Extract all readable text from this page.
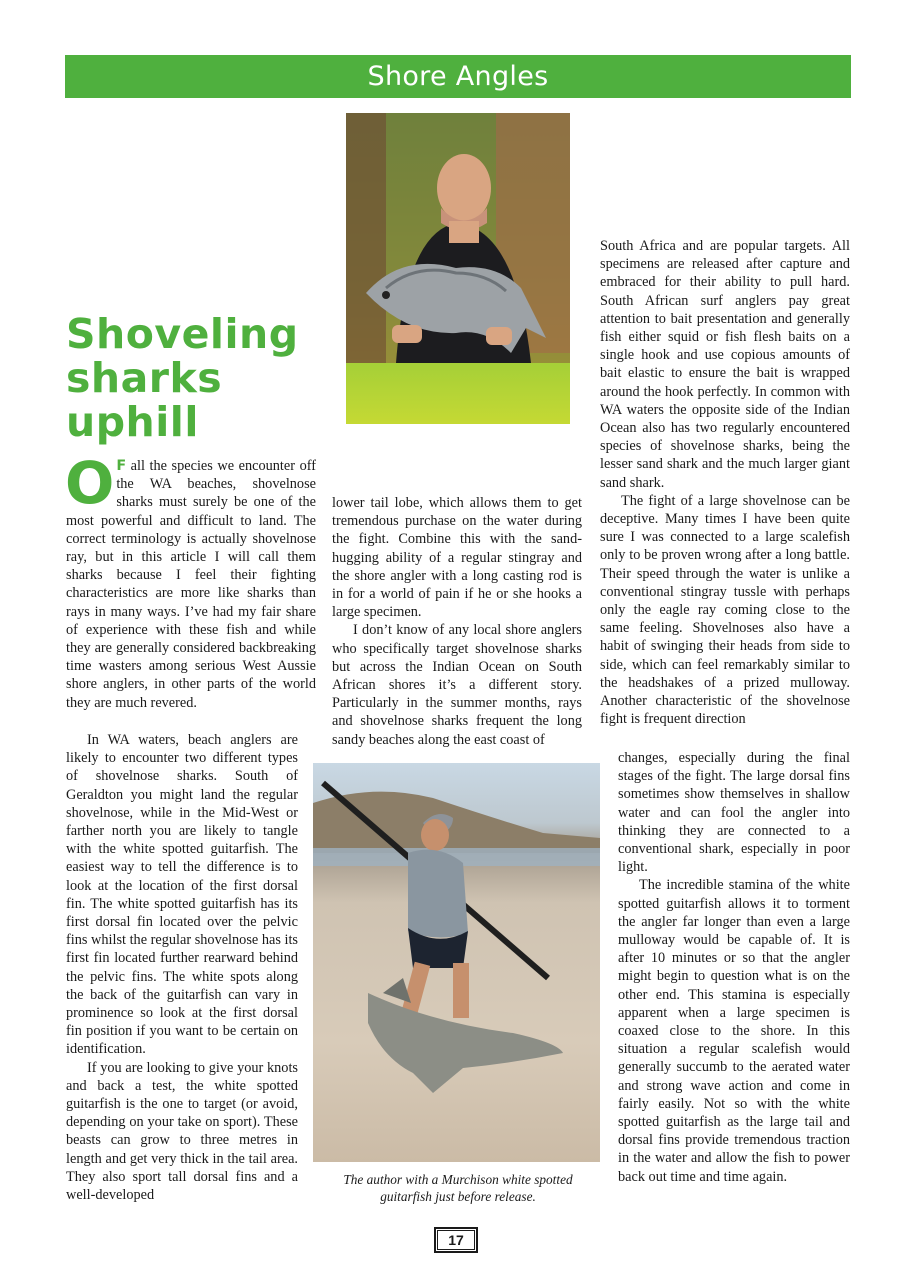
Shore Angles
Shoveling
sharks
uphill

O F all the species we encounter off the WA beaches, shovelnose sharks must surely be one of the most powerful and difficult to land. The correct terminology is actually shovelnose ray, but in this article I will call them sharks because I feel their fighting characteristics are more like sharks than rays in many ways. I’ve had my fair share of experience with these fish and while they are generally considered backbreaking time wasters among serious West Aussie shore anglers, in other parts of the world they are much revered.

In WA waters, beach anglers are likely to encounter two different types of shovelnose sharks. South of Geraldton you might land the regular shovelnose, while in the Mid-West or farther north you are likely to tangle with the white spotted guitarfish. The easiest way to tell the difference is to look at the location of the first dorsal fin. The white spotted guitarfish has its first dorsal fin located over the pelvic fins whilst the regular shovelnose has its first fin located further rearward behind the pelvic fins. The white spots along the back of the guitarfish can vary in prominence so look at the first dorsal fin position if you want to be certain on identification.

If you are looking to give your knots and back a test, the white spotted guitarfish is the one to target (or avoid, depending on your take on sport). These beasts can grow to three metres in length and get very thick in the tail area. They also sport tall dorsal fins and a well-developed

lower tail lobe, which allows them to get tremendous purchase on the water during the fight. Combine this with the sand-hugging ability of a regular stingray and the shore angler with a long casting rod is in for a world of pain if he or she hooks a large specimen.

I don’t know of any local shore anglers who specifically target shovelnose sharks but across the Indian Ocean on South African shores it’s a different story. Particularly in the summer months, rays and shovelnose sharks frequent the long sandy beaches along the east coast of

South Africa and are popular targets. All specimens are released after capture and embraced for their ability to pull hard. South African surf anglers pay great attention to bait presentation and generally fish either squid or fish flesh baits on a single hook and use copious amounts of bait elastic to ensure the bait is wrapped around the hook perfectly. In common with WA waters the opposite side of the Indian Ocean also has two regularly encountered species of shovelnose sharks, being the lesser sand shark and the much larger giant sand shark.

The fight of a large shovelnose can be deceptive. Many times I have been quite sure I was connected to a large scalefish only to be proven wrong after a long battle. Their speed through the water is unlike a conventional stingray tussle with perhaps only the eagle ray coming close to the same feeling. Shovelnoses also have a habit of swinging their heads from side to side, which can feel remarkably similar to the headshakes of a prized mulloway. Another characteristic of the shovelnose fight is frequent direction

changes, especially during the final stages of the fight. The large dorsal fins sometimes show themselves in shallow water and can fool the angler into thinking they are connected to a conventional shark, especially in poor light.

The incredible stamina of the white spotted guitarfish allows it to torment the angler far longer than even a large mulloway would be capable of. It is after 10 minutes or so that the angler might begin to question what is on the other end. This stamina is especially apparent when a large specimen is coaxed close to the shore. In this situation a regular scalefish would generally succumb to the aerated water and strong wave action and come in fairly easily. Not so with the white spotted guitarfish as the large tail and dorsal fins provide tremendous traction in the water and allow the fish to power back out time and time again.

The author with a Murchison white spotted
guitarfish just before release.
17
